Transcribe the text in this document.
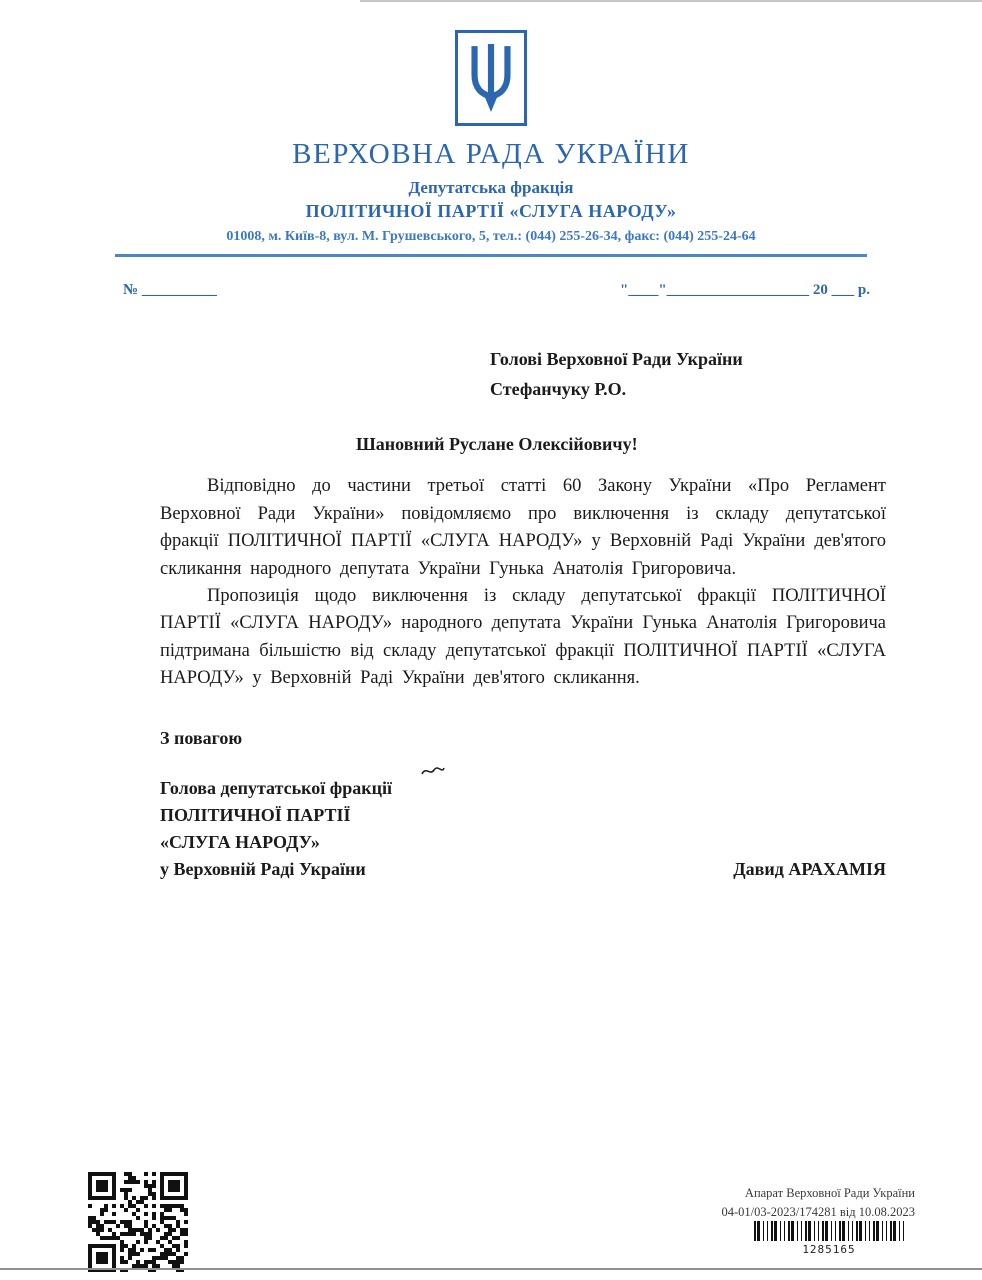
ВЕРХОВНА РАДА УКРАЇНИ
Депутатська фракція
ПОЛІТИЧНОЇ ПАРТІЇ «СЛУГА НАРОДУ»
01008, м. Київ-8, вул. М. Грушевського, 5, тел.: (044) 255-26-34, факс: (044) 255-24-64
№ __________	"____"___________________ 20 ___ р.
Голові Верховної Ради України
Стефанчуку Р.О.
Шановний Руслане Олексійовичу!
Відповідно до частини третьої статті 60 Закону України «Про Регламент Верховної Ради України» повідомляємо про виключення із складу депутатської фракції ПОЛІТИЧНОЇ ПАРТІЇ «СЛУГА НАРОДУ» у Верховній Раді України дев'ятого скликання народного депутата України Гунька Анатолія Григоровича.
Пропозиція щодо виключення із складу депутатської фракції ПОЛІТИЧНОЇ ПАРТІЇ «СЛУГА НАРОДУ» народного депутата України Гунька Анатолія Григоровича підтримана більшістю від складу депутатської фракції ПОЛІТИЧНОЇ ПАРТІЇ «СЛУГА НАРОДУ» у Верховній Раді України дев'ятого скликання.
З повагою
Голова депутатської фракції
ПОЛІТИЧНОЇ ПАРТІЇ
«СЛУГА НАРОДУ»
у Верховній Раді України	Давид АРАХАМІЯ
Апарат Верховної Ради України
04-01/03-2023/174281 від 10.08.2023
1285165
